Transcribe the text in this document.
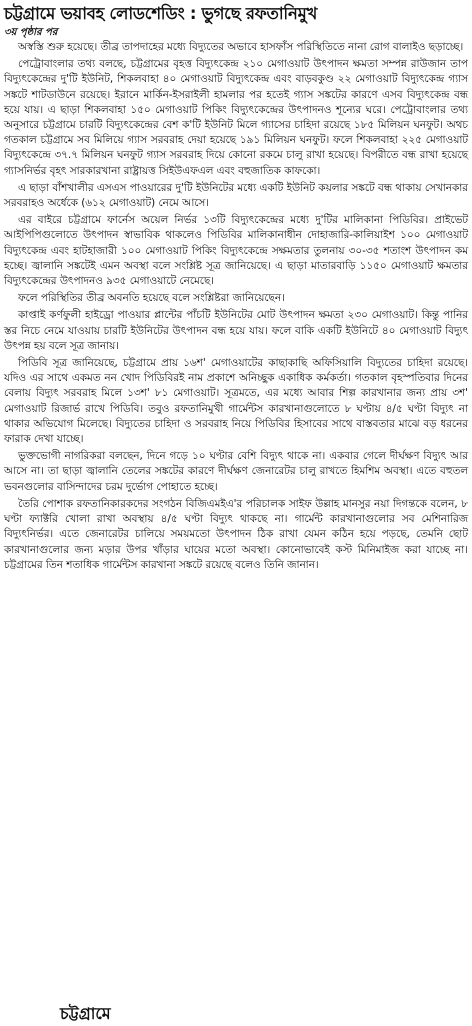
চট্টগ্রামে ভয়াবহ লোডশেডিং : ভুগছে রফতানিমুখ
৩য় পৃষ্ঠার পর

অস্বস্তি শুরু হয়েছে। তীব্র তাপদাহের মধ্যে বিদ্যুতের অভাবে হাসফাঁস পরিস্থিতিতে নানা রোগ বালাইও ছড়াচ্ছে।

পেট্রোবাংলার তথ্য বলছে, চট্টগ্রামের বৃহত্ত বিদ্যুৎকেন্দ্র ২১০ মেগাওয়াট উৎপাদন ক্ষমতা সম্পন্ন রাউজান তাপ বিদ্যুৎকেন্দ্রের দু'টি ইউনিট, শিকলবাহা ৪০ মেগাওয়াট বিদ্যুৎকেন্দ্র এবং বাড়বকুণ্ড ২২ মেগাওয়াট বিদ্যুৎকেন্দ্র গ্যাস সঙ্কটে শাটডাউনে রয়েছে। ইরানে মার্কিন-ইসরাইলী হামলার পর হতেই গ্যাস সঙ্কটের কারণে এসব বিদ্যুৎকেন্দ্র বন্ধ হয়ে যায়। এ ছাড়া শিকলবাহা ১৫০ মেগাওয়াট পিকিং বিদ্যুৎকেন্দ্রের উৎপাদনও শূন্যের ঘরে। পেট্রোবাংলার তথ্য অনুসারে চট্টগ্রামে চারটি বিদ্যুৎকেন্দ্রের বেশ ক'টি ইউনিট মিলে গ্যাসের চাহিদা রয়েছে ১৮৫ মিলিয়ন ঘনফুট। অথচ গতকাল চট্টগ্রামে সব মিলিয়ে গ্যাস সরবরাহ দেয়া হয়েছে ১৯১ মিলিয়ন ঘনফুট। ফলে শিকলবাহা ২২৫ মেগাওয়াট বিদ্যুৎকেন্দ্রে ৩৭.৭ মিলিয়ন ঘনফুট গ্যাস সরবরাহ দিয়ে কোনো রকমে চালু রাখা হয়েছে। বিপরীতে বন্ধ রাখা হয়েছে গ্যাসনির্ভর বৃহৎ সারকারখানা রাষ্ট্রায়ত্ত সিইউএফএল এবং বহুজাতিক কাফকো।

এ ছাড়া বাঁশখালীর এসএস পাওয়ারের দু'টি ইউনিটের মধ্যে একটি ইউনিট কয়লার সঙ্কটে বন্ধ থাকায় সেখানকার সরবরাহও অর্ধেকে (৬১২ মেগাওয়াট) নেমে আসে।

এর বাইরে চট্টগ্রামে ফার্নেস অয়েল নির্ভর ১৩টি বিদ্যুৎকেন্দ্রের মধ্যে দু'টির মালিকানা পিডিবির। প্রাইভেট আইপিপিগুলোতে উৎপাদন স্বাভাবিক থাকলেও পিডিবির মালিকানাধীন দোহাজারি-কালিয়াইশ ১০০ মেগাওয়াট বিদ্যুৎকেন্দ্র এবং হাটহাজারী ১০০ মেগাওয়াট পিকিং বিদ্যুৎকেন্দ্রে সক্ষমতার তুলনায় ৩০-৩৫ শতাংশ উৎপাদন কম হচ্ছে। জ্বালানি সঙ্কটেই এমন অবস্থা বলে সংশ্লিষ্ট সূত্র জানিয়েছে। এ ছাড়া মাতারবাড়ি ১১৫০ মেগাওয়াট ক্ষমতার বিদ্যুৎকেন্দ্রের উৎপাদনও ৯৩৫ মেগাওয়াটে নেমেছে।

ফলে পরিস্থিতির তীব্র অবনতি হয়েছে বলে সংশ্লিষ্টরা জানিয়েছেন।

কাপ্তাই কর্ণফুলী হাইড্রো পাওয়ার প্লান্টের পাঁচটি ইউনিটের মোট উৎপাদন ক্ষমতা ২৩০ মেগাওয়াট। কিন্তু পানির স্তর নিচে নেমে যাওয়ায় চারটি ইউনিটের উৎপাদন বন্ধ হয়ে যায়। ফলে বাকি একটি ইউনিটে ৪০ মেগাওয়াট বিদ্যুৎ উৎপন্ন হয় বলে সূত্র জানায়।

পিডিবি সূত্র জানিয়েছে, চট্টগ্রামে প্রায় ১৬শ' মেগাওয়াটের কাছাকাছি অফিসিয়ালি বিদ্যুতের চাহিদা রয়েছে। যদিও এর সাথে একমত নন খোদ পিডিবিরই নাম প্রকাশে অনিচ্ছুক একাধিক কর্মকর্তা। গতকাল বৃহস্পতিবার দিনের বেলায় বিদ্যুৎ সরবরাহ মিলে ১৩শ' ৮১ মেগাওয়াট। সূত্রমতে, এর মধ্যে আবার শিল্প কারখানার জন্য প্রায় ৩শ' মেগাওয়াট রিজার্ভ রাখে পিডিবি। তবুও রফতানিমুখী গার্মেন্টস কারখানাগুলোতে ৮ ঘণ্টায় ৪/৫ ঘণ্টা বিদ্যুৎ না থাকার অভিযোগ মিলেছে। বিদ্যুতের চাহিদা ও সরবরাহ নিয়ে পিডিবির হিসাবের সাথে বাস্তবতার মাঝে বড় ধরনের ফারাক দেখা যাচ্ছে।

ভুক্তভোগী নাগরিকরা বলছেন, দিনে গড়ে ১০ ঘণ্টার বেশি বিদ্যুৎ থাকে না। একবার গেলে দীর্ঘক্ষণ বিদ্যুৎ আর আসে না। তা ছাড়া জ্বালানি তেলের সঙ্কটের কারণে দীর্ঘক্ষণ জেনারেটর চালু রাখতে হিমশিম অবস্থা। এতে বহুতল ভবনগুলোর বাসিন্দাদের চরম দুর্ভোগ পোহাতে হচ্ছে।

তৈরি পোশাক রফতানিকারকদের সংগঠন বিজিএমইএ'র পরিচালক সাইফ উল্লাহ মানসুর নয়া দিগন্তকে বলেন, ৮ ঘণ্টা ফ্যাক্টরি খোলা রাখা অবস্থায় ৪/৫ ঘণ্টা বিদ্যুৎ থাকছে না। গার্মেন্ট কারখানাগুলোর সব মেশিনারিজ বিদ্যুৎনির্ভর। এতে জেনারেটর চালিয়ে সময়মতো উৎপাদন ঠিক রাখা যেমন কঠিন হয়ে পড়ছে, তেমনি ছোট কারখানাগুলোর জন্য মড়ার উপর খাঁড়ার ঘায়ের মতো অবস্থা। কোনোভাবেই কস্ট মিনিমাইজ করা যাচ্ছে না। চট্টগ্রামের তিন শতাধিক গার্মেন্টস কারখানা সঙ্কটে রয়েছে বলেও তিনি জানান।

চট্টগ্রামে
